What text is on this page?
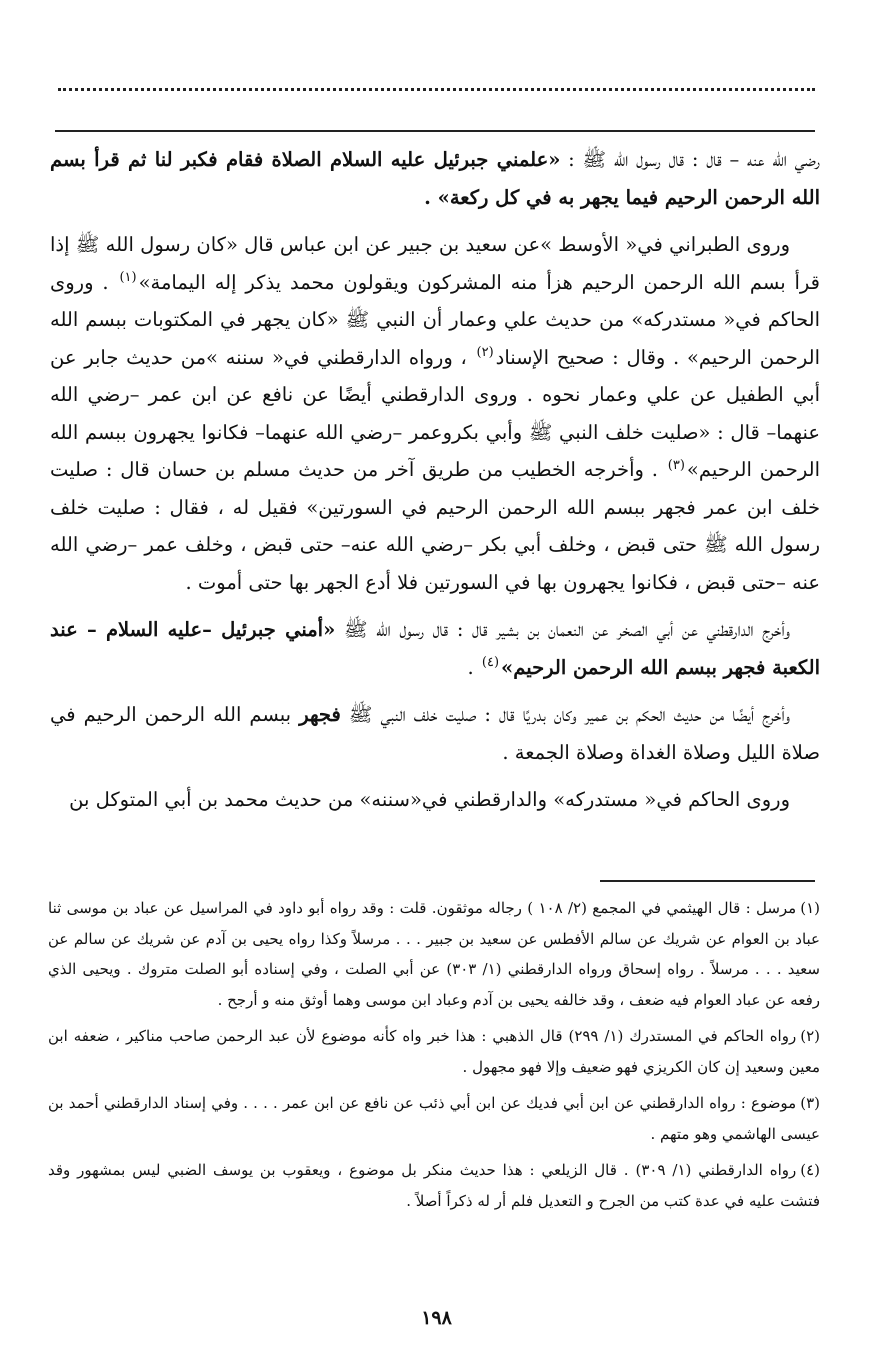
رضي الله عنه – قال : قال رسول الله ﷺ : «علمني جبرئيل عليه السلام الصلاة فقام فكبر لنا ثم قرأ بسم الله الرحمن الرحيم فيما يجهر به في كل ركعة» .

وروى الطبراني في« الأوسط »عن سعيد بن جبير عن ابن عباس قال «كان رسول الله ﷺ إذا قرأ بسم الله الرحمن الرحيم هزأ منه المشركون ويقولون محمد يذكر إله اليمامة»$^{(١)}$ . وروى الحاكم في« مستدركه» من حديث علي وعمار أن النبي ﷺ «كان يجهر في المكتوبات ببسم الله الرحمن الرحيم» . وقال : صحيح الإسناد$^{(٢)}$ ، ورواه الدارقطني في« سننه »من حديث جابر عن أبي الطفيل عن علي وعمار نحوه . وروى الدارقطني أيضًا عن نافع عن ابن عمر –رضي الله عنهما– قال : «صليت خلف النبي ﷺ وأبي بكروعمر –رضي الله عنهما– فكانوا يجهرون ببسم الله الرحمن الرحيم»$^{(٣)}$ . وأخرجه الخطيب من طريق آخر من حديث مسلم بن حسان قال : صليت خلف ابن عمر فجهر ببسم الله الرحمن الرحيم في السورتين» فقيل له ، فقال : صليت خلف رسول الله ﷺ حتى قبض ، وخلف أبي بكر –رضي الله عنه– حتى قبض ، وخلف عمر –رضي الله عنه –حتى قبض ، فكانوا يجهرون بها في السورتين فلا أدع الجهر بها حتى أموت .

وأخرج الدارقطني عن أبي الصخر عن النعمان بن بشير قال : قال رسول الله ﷺ «أمني جبرئيل –عليه السلام – عند الكعبة فجهر ببسم الله الرحمن الرحيم»$^{(٤)}$ .

وأخرج أيضًا من حديث الحكم بن عمير وكان بدريًا قال : صليت خلف النبي ﷺ فجهر ببسم الله الرحمن الرحيم في صلاة الليل وصلاة الغداة وصلاة الجمعة .

وروى الحاكم في« مستدركه» والدارقطني في«سننه» من حديث محمد بن أبي المتوكل بن

(١)مرسل : قال الهيثمي في المجمع (٢/ ١٠٨ ) رجاله موثقون. قلت : وقد رواه أبو داود في المراسيل عن عباد بن موسى ثنا عباد بن العوام عن شريك عن سالم الأفطس عن سعيد بن جبير . . . مرسلاً وكذا رواه يحيى بن آدم عن شريك عن سالم عن سعيد . . . مرسلاً . رواه إسحاق ورواه الدارقطني (١/ ٣٠٣) عن أبي الصلت ، وفي إسناده أبو الصلت متروك . ويحيى الذي رفعه عن عباد العوام فيه ضعف ، وقد خالفه يحيى بن آدم وعباد ابن موسى وهما أوثق منه و أرجح .

(٢)رواه الحاكم في المستدرك (١/ ٢٩٩) قال الذهبي : هذا خبر واه كأنه موضوع لأن عبد الرحمن صاحب مناكير ، ضعفه ابن معين وسعيد إن كان الكريزي فهو ضعيف وإلا فهو مجهول .

(٣)موضوع : رواه الدارقطني عن ابن أبي فديك عن ابن أبي ذئب عن نافع عن ابن عمر . . . . وفي إسناد الدارقطني أحمد بن عيسى الهاشمي وهو متهم .

(٤)رواه الدارقطني (١/ ٣٠٩) . قال الزيلعي : هذا حديث منكر بل موضوع ، ويعقوب بن يوسف الضبي ليس بمشهور وقد فتشت عليه في عدة كتب من الجرح و التعديل فلم أر له ذكراً أصلاً .

١٩٨
